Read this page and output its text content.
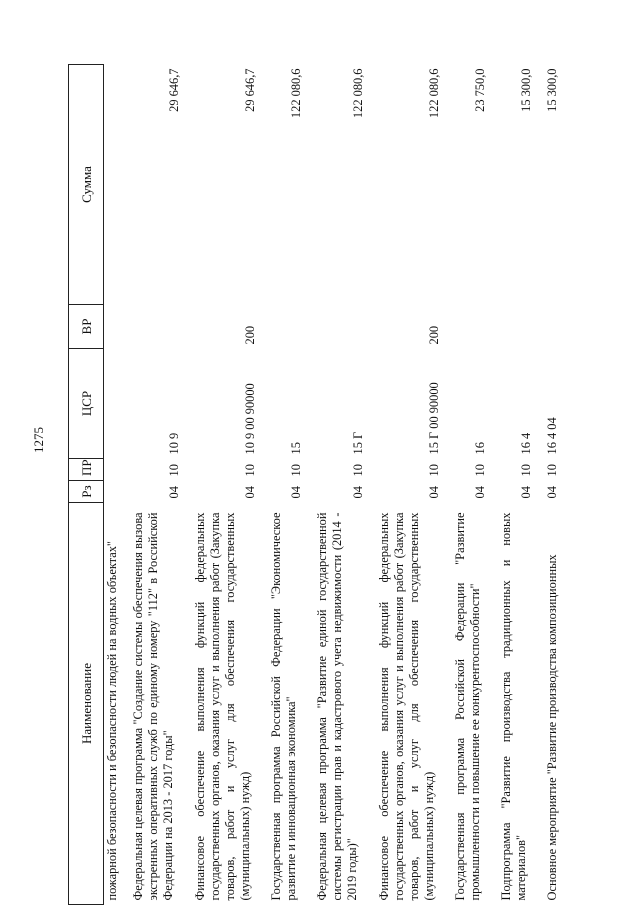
1275
Наименование	Рз	ПР	ЦСР	ВР	Сумма
пожарной безопасности и безопасности людей на водных объектах"					
Федеральная целевая программа "Создание системы обеспечения вызова экстренных оперативных служб по единому номеру "112" в Российской Федерации на 2013 - 2017 годы"	04	10	10 9		29 646,7
Финансовое обеспечение выполнения функций федеральных государственных органов, оказания услуг и выполнения работ (Закупка товаров, работ и услуг для обеспечения государственных (муниципальных) нужд)	04	10	10 9 00 90000	200	29 646,7
Государственная программа Российской Федерации "Экономическое развитие и инновационная экономика"	04	10	15		122 080,6
Федеральная целевая программа "Развитие единой государственной системы регистрации прав и кадастрового учета недвижимости (2014 - 2019 годы)"	04	10	15 Г		122 080,6
Финансовое обеспечение выполнения функций федеральных государственных органов, оказания услуг и выполнения работ (Закупка товаров, работ и услуг для обеспечения государственных (муниципальных) нужд)	04	10	15 Г 00 90000	200	122 080,6
Государственная программа Российской Федерации "Развитие промышленности и повышение ее конкурентоспособности"	04	10	16		23 750,0
Подпрограмма "Развитие производства традиционных и новых материалов"	04	10	16 4		15 300,0
Основное мероприятие "Развитие производства композиционных	04	10	16 4 04		15 300,0
